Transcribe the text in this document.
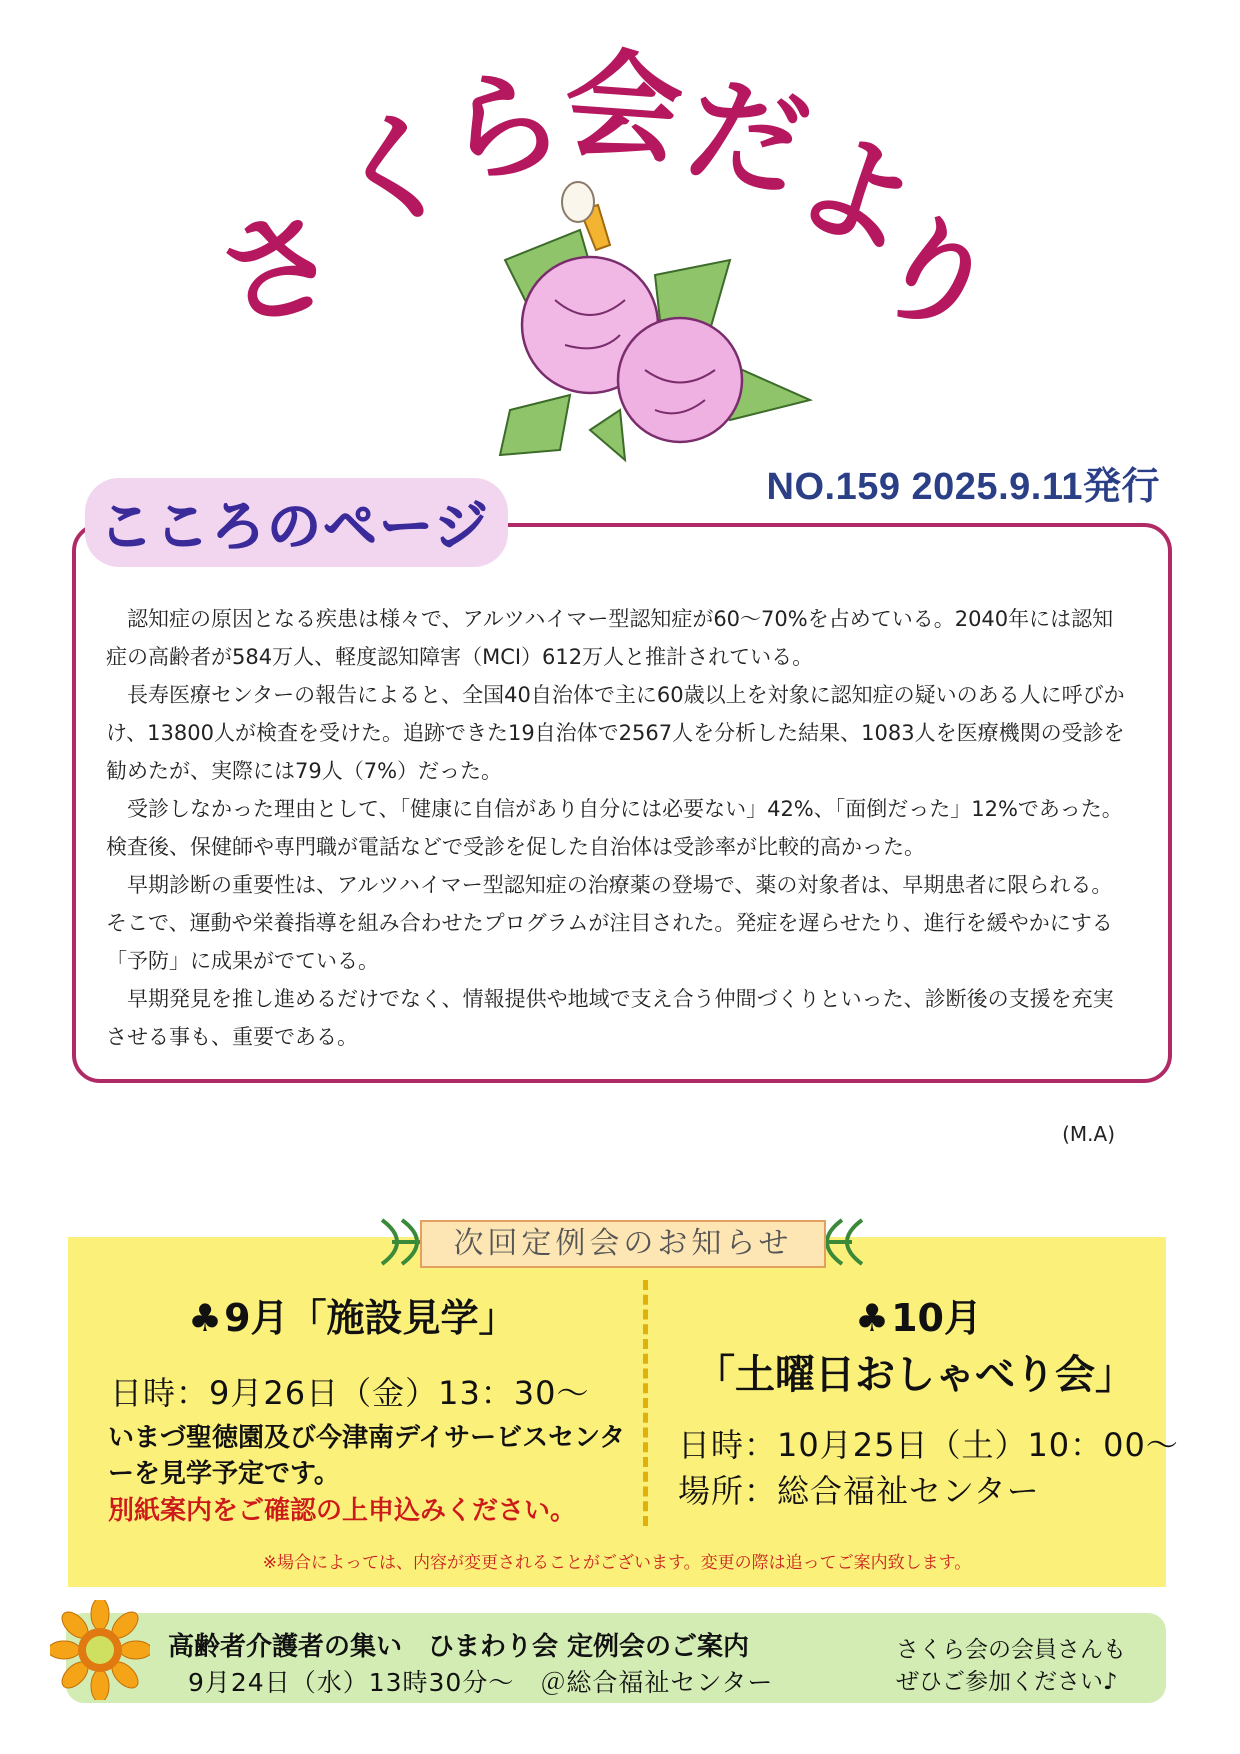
さ
く
ら
会
だ
よ
り
NO.159 2025.9.11発行
こころのページ

認知症の原因となる疾患は様々で、アルツハイマー型認知症が60〜70%を占めている。2040年には認知症の高齢者が584万人、軽度認知障害（MCI）612万人と推計されている。

長寿医療センターの報告によると、全国40自治体で主に60歳以上を対象に認知症の疑いのある人に呼びかけ、13800人が検査を受けた。追跡できた19自治体で2567人を分析した結果、1083人を医療機関の受診を勧めたが、実際には79人（7%）だった。

受診しなかった理由として、「健康に自信があり自分には必要ない」42%、「面倒だった」12%であった。検査後、保健師や専門職が電話などで受診を促した自治体は受診率が比較的高かった。

早期診断の重要性は、アルツハイマー型認知症の治療薬の登場で、薬の対象者は、早期患者に限られる。そこで、運動や栄養指導を組み合わせたプログラムが注目された。発症を遅らせたり、進行を緩やかにする「予防」に成果がでている。

早期発見を推し進めるだけでなく、情報提供や地域で支え合う仲間づくりといった、診断後の支援を充実させる事も、重要である。

(M.A)
次回定例会のお知らせ
♣9月「施設見学」
日時：9月26日（金）13：30〜
いまづ聖徳園及び今津南デイサービスセンターを見学予定です。
別紙案内をご確認の上申込みください。
♣10月
「土曜日おしゃべり会」
日時：10月25日（土）10：00〜
場所：総合福祉センター
※場合によっては、内容が変更されることがございます。変更の際は追ってご案内致します。
高齢者介護者の集い　ひまわり会 定例会のご案内
9月24日（水）13時30分〜　＠総合福祉センター
さくら会の会員さんも
ぜひご参加ください♪
